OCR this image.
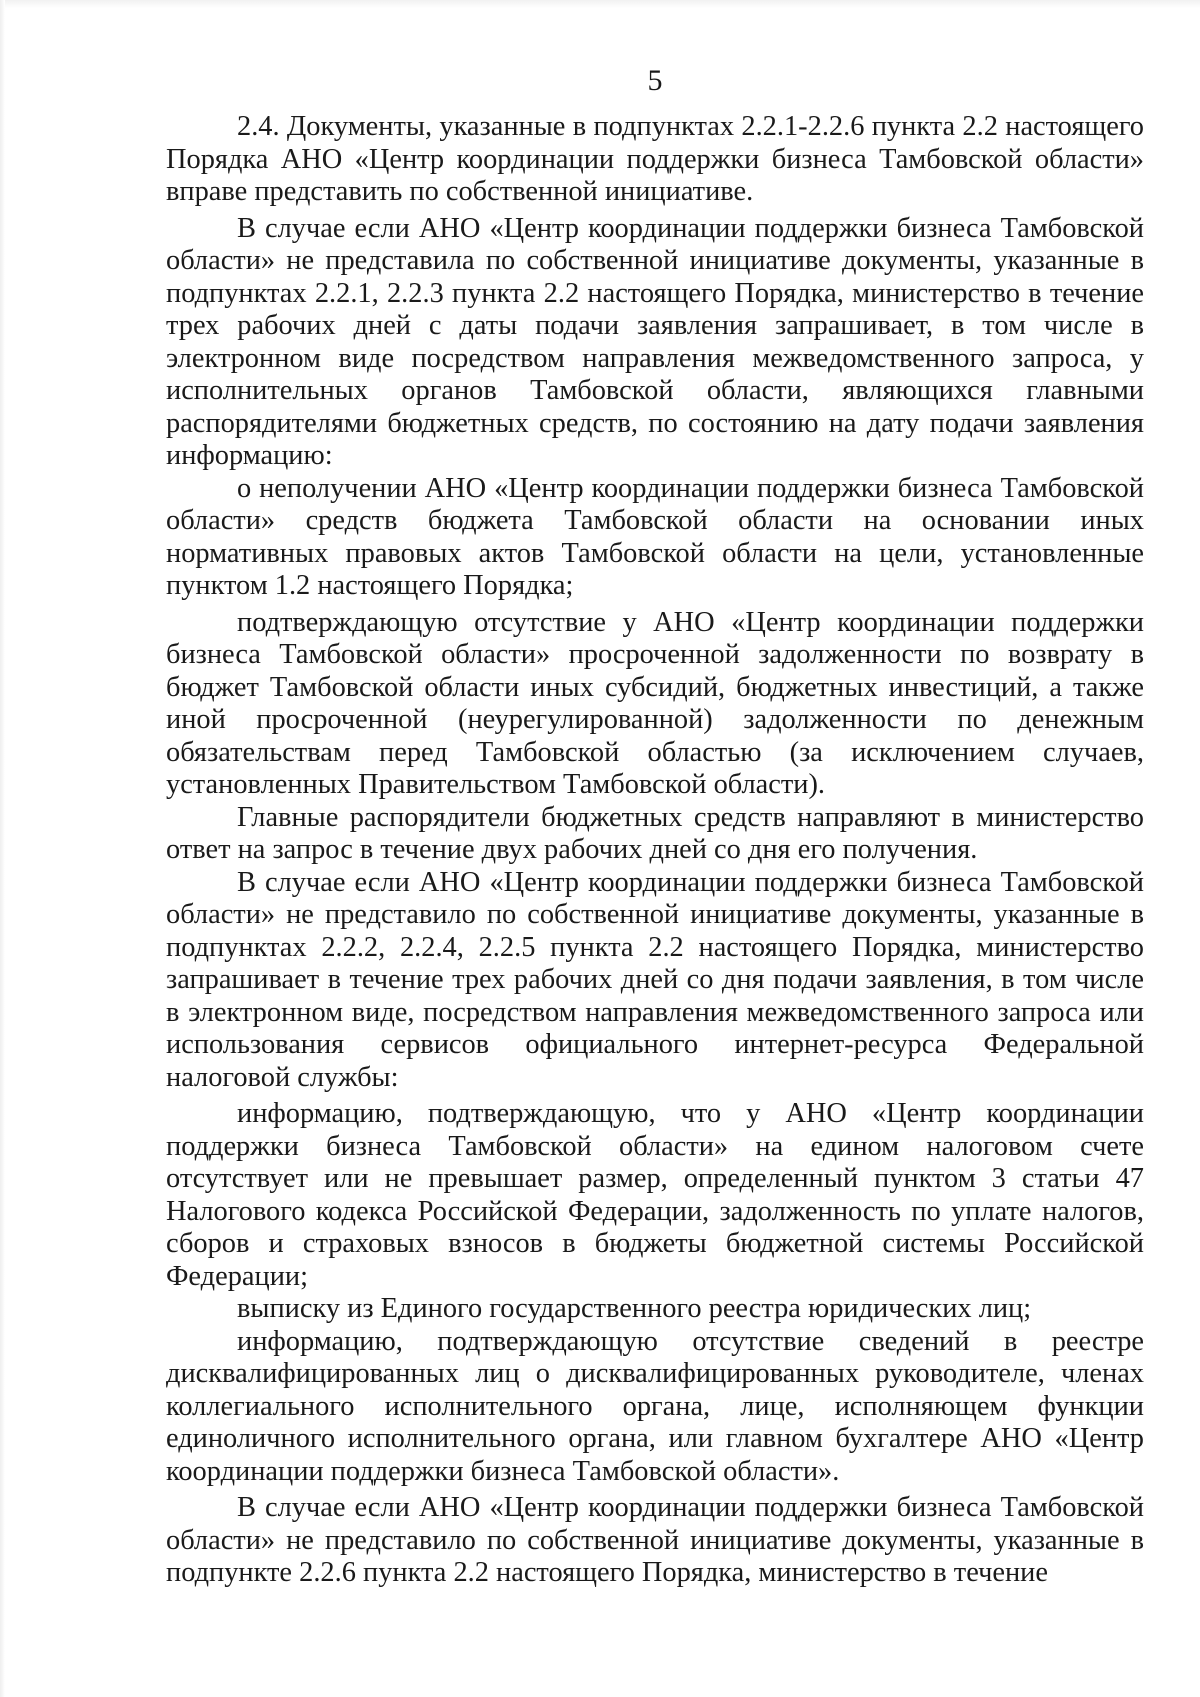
5

2.4. Документы, указанные в подпунктах 2.2.1-2.2.6 пункта 2.2 настоящего Порядка АНО «Центр координации поддержки бизнеса Тамбовской области» вправе представить по собственной инициативе.

В случае если АНО «Центр координации поддержки бизнеса Тамбовской области» не представила по собственной инициативе документы, указанные в подпунктах 2.2.1, 2.2.3 пункта 2.2 настоящего Порядка, министерство в течение трех рабочих дней с даты подачи заявления запрашивает, в том числе в электронном виде посредством направления межведомственного запроса, у исполнительных органов Тамбовской области, являющихся главными распорядителями бюджетных средств, по состоянию на дату подачи заявления информацию:

о неполучении АНО «Центр координации поддержки бизнеса Тамбовской области» средств бюджета Тамбовской области на основании иных нормативных правовых актов Тамбовской области на цели, установленные пунктом 1.2 настоящего Порядка;

подтверждающую отсутствие у АНО «Центр координации поддержки бизнеса Тамбовской области» просроченной задолженности по возврату в бюджет Тамбовской области иных субсидий, бюджетных инвестиций, а также иной просроченной (неурегулированной) задолженности по денежным обязательствам перед Тамбовской областью (за исключением случаев, установленных Правительством Тамбовской области).

Главные распорядители бюджетных средств направляют в министерство ответ на запрос в течение двух рабочих дней со дня его получения.

В случае если АНО «Центр координации поддержки бизнеса Тамбовской области» не представило по собственной инициативе документы, указанные в подпунктах 2.2.2, 2.2.4, 2.2.5 пункта 2.2 настоящего Порядка, министерство запрашивает в течение трех рабочих дней со дня подачи заявления, в том числе в электронном виде, посредством направления межведомственного запроса или использования сервисов официального интернет-ресурса Федеральной налоговой службы:

информацию, подтверждающую, что у АНО «Центр координации поддержки бизнеса Тамбовской области» на едином налоговом счете отсутствует или не превышает размер, определенный пунктом 3 статьи 47 Налогового кодекса Российской Федерации, задолженность по уплате налогов, сборов и страховых взносов в бюджеты бюджетной системы Российской Федерации;

выписку из Единого государственного реестра юридических лиц;

информацию, подтверждающую отсутствие сведений в реестре дисквалифицированных лиц о дисквалифицированных руководителе, членах коллегиального исполнительного органа, лице, исполняющем функции единоличного исполнительного органа, или главном бухгалтере АНО «Центр координации поддержки бизнеса Тамбовской области».

В случае если АНО «Центр координации поддержки бизнеса Тамбовской области» не представило по собственной инициативе документы, указанные в подпункте 2.2.6 пункта 2.2 настоящего Порядка, министерство в течение
